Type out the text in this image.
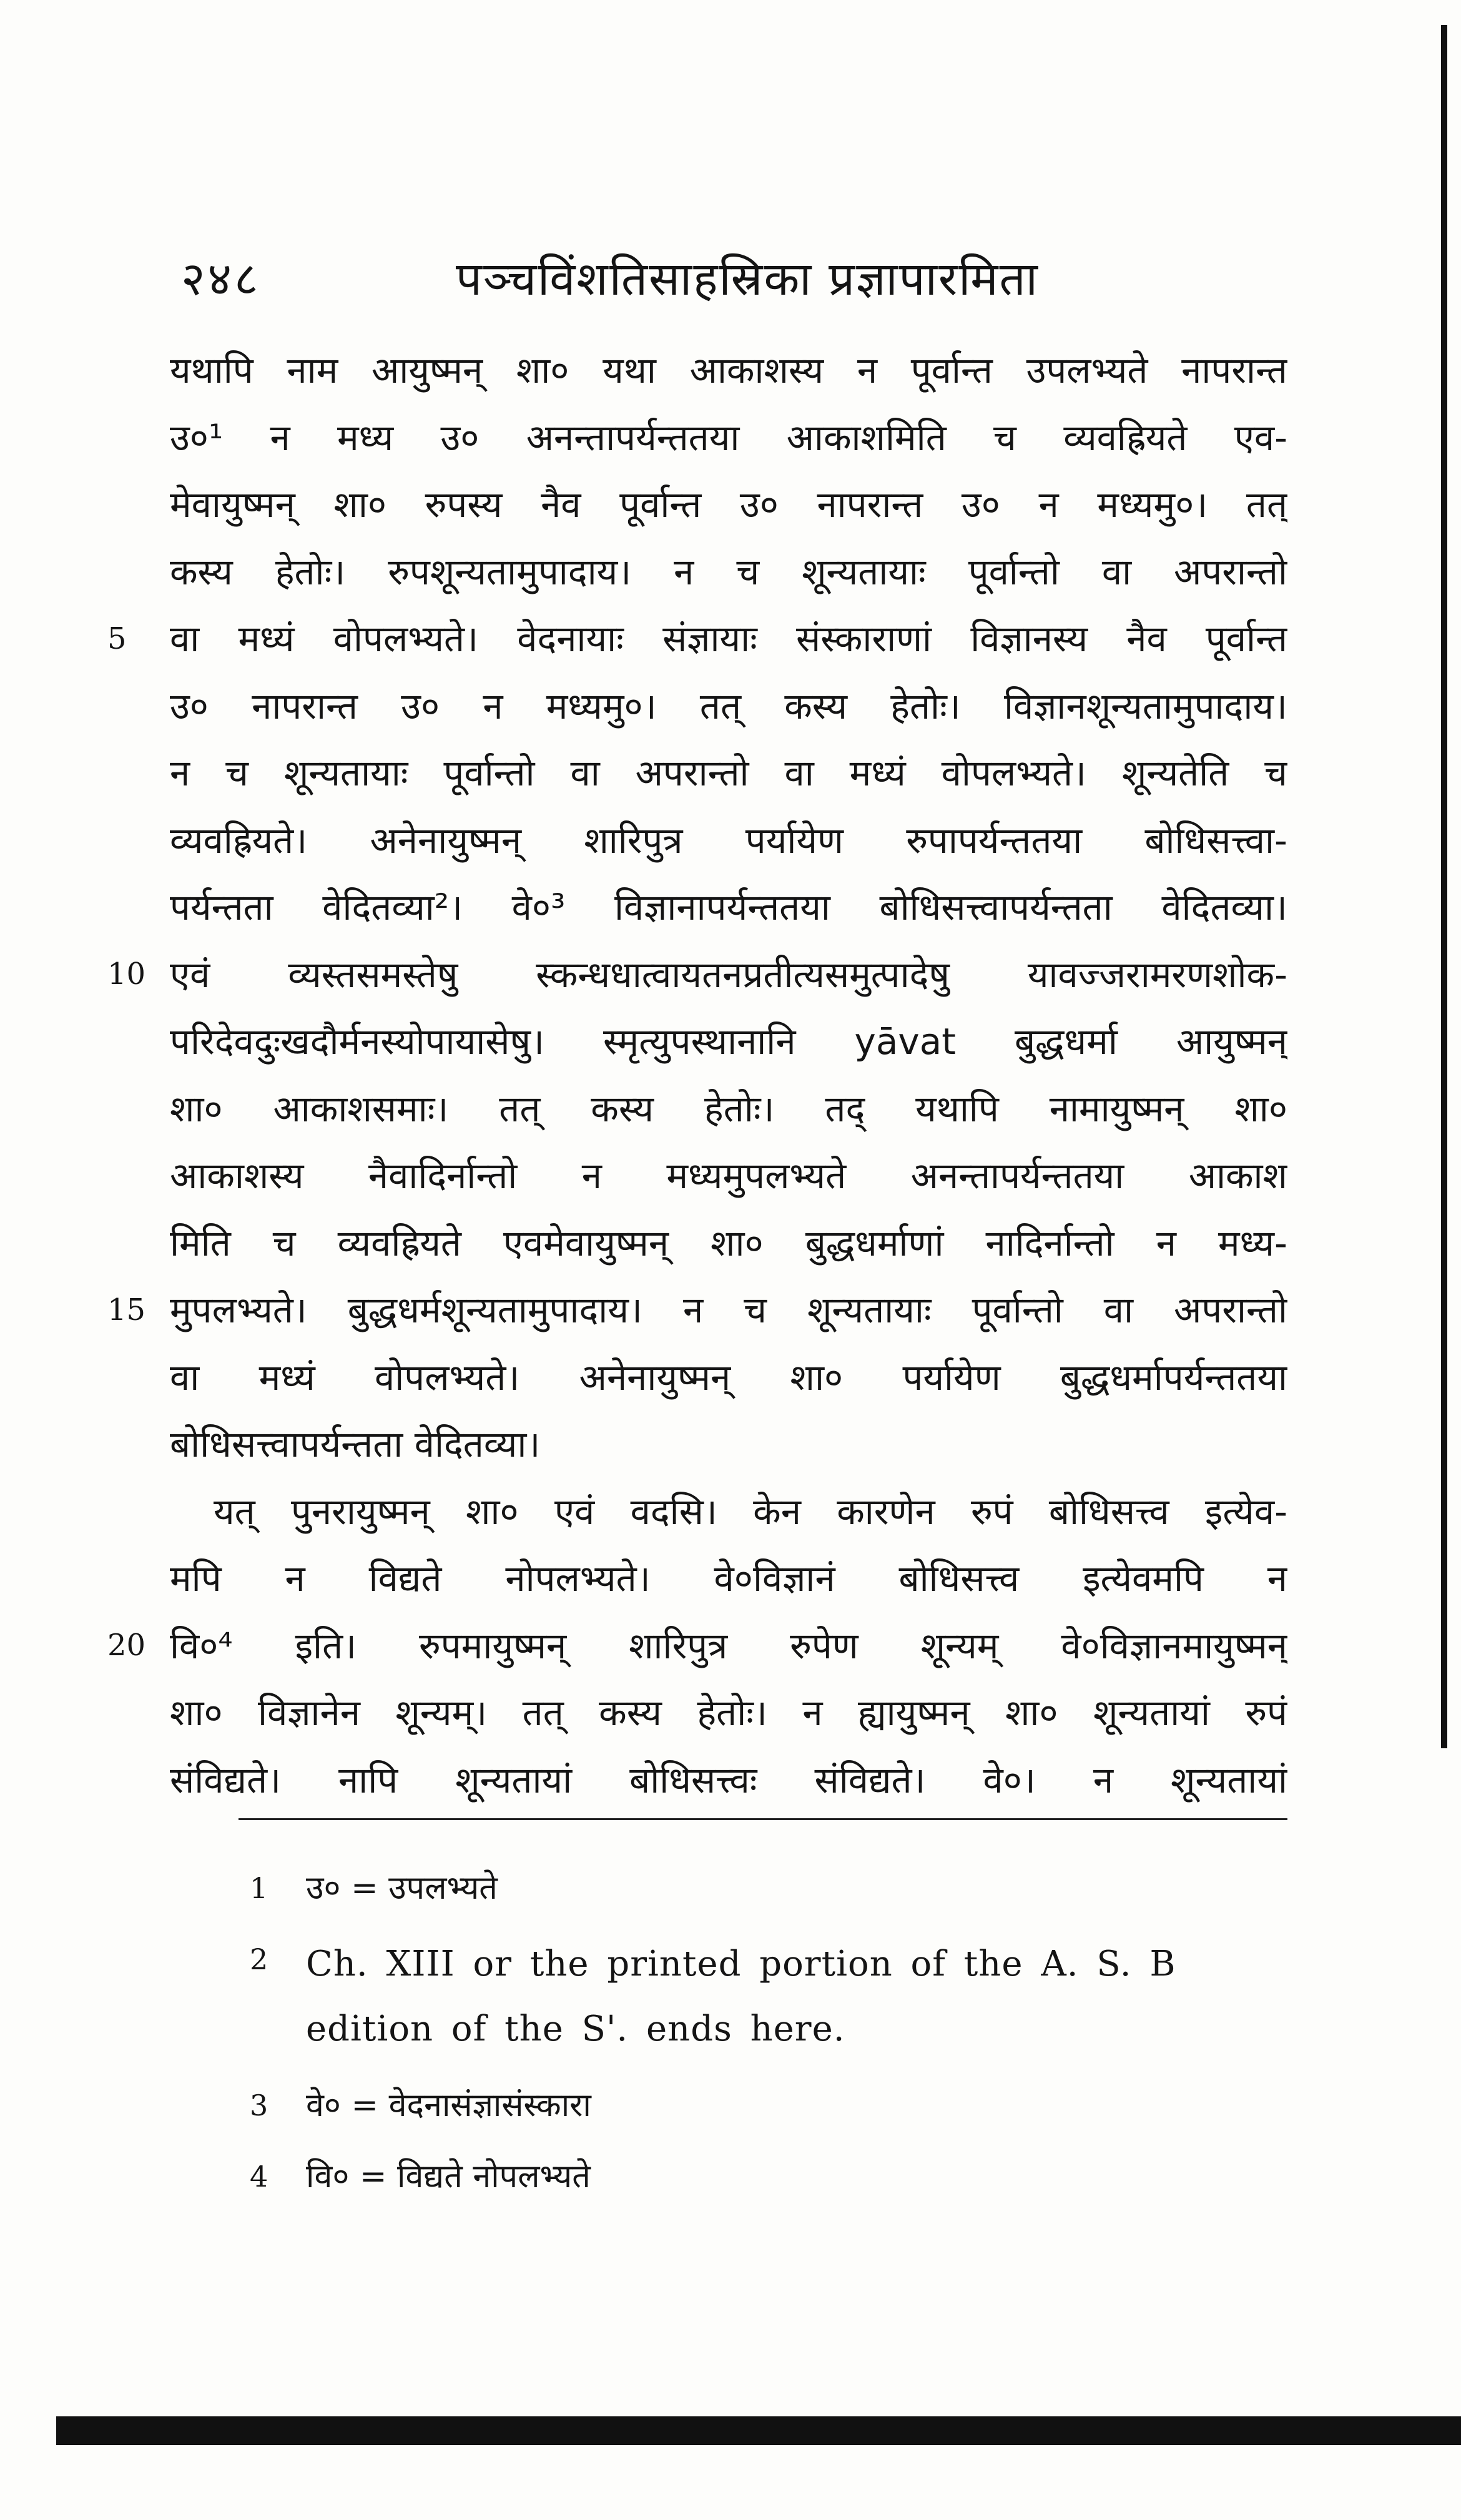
२४८	पञ्चविंशतिसाहस्रिका प्रज्ञापारमिता
5
10
15
20
यथापि नाम आयुष्मन् शा० यथा आकाशस्य न पूर्वान्त उपलभ्यते नापरान्त
उ०¹ न मध्य उ० अनन्तापर्यन्ततया आकाशमिति च व्यवह्रियते एव-
मेवायुष्मन् शा० रुपस्य नैव पूर्वान्त उ० नापरान्त उ० न मध्यमु०। तत्
कस्य हेतोः। रुपशून्यतामुपादाय। न च शून्यतायाः पूर्वान्तो वा अपरान्तो
वा मध्यं वोपलभ्यते। वेदनायाः संज्ञायाः संस्काराणां विज्ञानस्य नैव पूर्वान्त
उ० नापरान्त उ० न मध्यमु०। तत् कस्य हेतोः। विज्ञानशून्यतामुपादाय।
न च शून्यतायाः पूर्वान्तो वा अपरान्तो वा मध्यं वोपलभ्यते। शून्यतेति च
व्यवह्रियते। अनेनायुष्मन् शारिपुत्र पर्यायेण रुपापर्यन्ततया बोधिसत्त्वा-
पर्यन्तता वेदितव्या²। वे०³ विज्ञानापर्यन्ततया बोधिसत्त्वापर्यन्तता वेदितव्या।
एवं व्यस्तसमस्तेषु स्कन्धधात्वायतनप्रतीत्यसमुत्पादेषु यावज्जरामरणशोक-
परिदेवदुःखदौर्मनस्योपायासेषु। स्मृत्युपस्थानानि yāvat बुद्धधर्मा आयुष्मन्
शा० आकाशसमाः। तत् कस्य हेतोः। तद् यथापि नामायुष्मन् शा०
आकाशस्य नैवादिर्नान्तो न मध्यमुपलभ्यते अनन्तापर्यन्ततया आकाश
मिति च व्यवह्रियते एवमेवायुष्मन् शा० बुद्धधर्माणां नादिर्नान्तो न मध्य-
मुपलभ्यते। बुद्धधर्मशून्यतामुपादाय। न च शून्यतायाः पूर्वान्तो वा अपरान्तो
वा मध्यं वोपलभ्यते। अनेनायुष्मन् शा० पर्यायेण बुद्धधर्मापर्यन्ततया
बोधिसत्त्वापर्यन्तता वेदितव्या।
यत् पुनरायुष्मन् शा० एवं वदसि। केन कारणेन रुपं बोधिसत्त्व इत्येव-
मपि न विद्यते नोपलभ्यते। वे०विज्ञानं बोधिसत्त्व इत्येवमपि न
वि०⁴ इति। रुपमायुष्मन् शारिपुत्र रुपेण शून्यम् वे०विज्ञानमायुष्मन्
शा० विज्ञानेन शून्यम्। तत् कस्य हेतोः। न ह्यायुष्मन् शा० शून्यतायां रुपं
संविद्यते। नापि शून्यतायां बोधिसत्त्वः संविद्यते। वे०। न शून्यतायां
1	उ० = उपलभ्यते
2	Ch. XIII or the printed portion of the A. S. B edition of the S'. ends here.
3	वे० = वेदनासंज्ञासंस्कारा
4	वि० = विद्यते नोपलभ्यते
